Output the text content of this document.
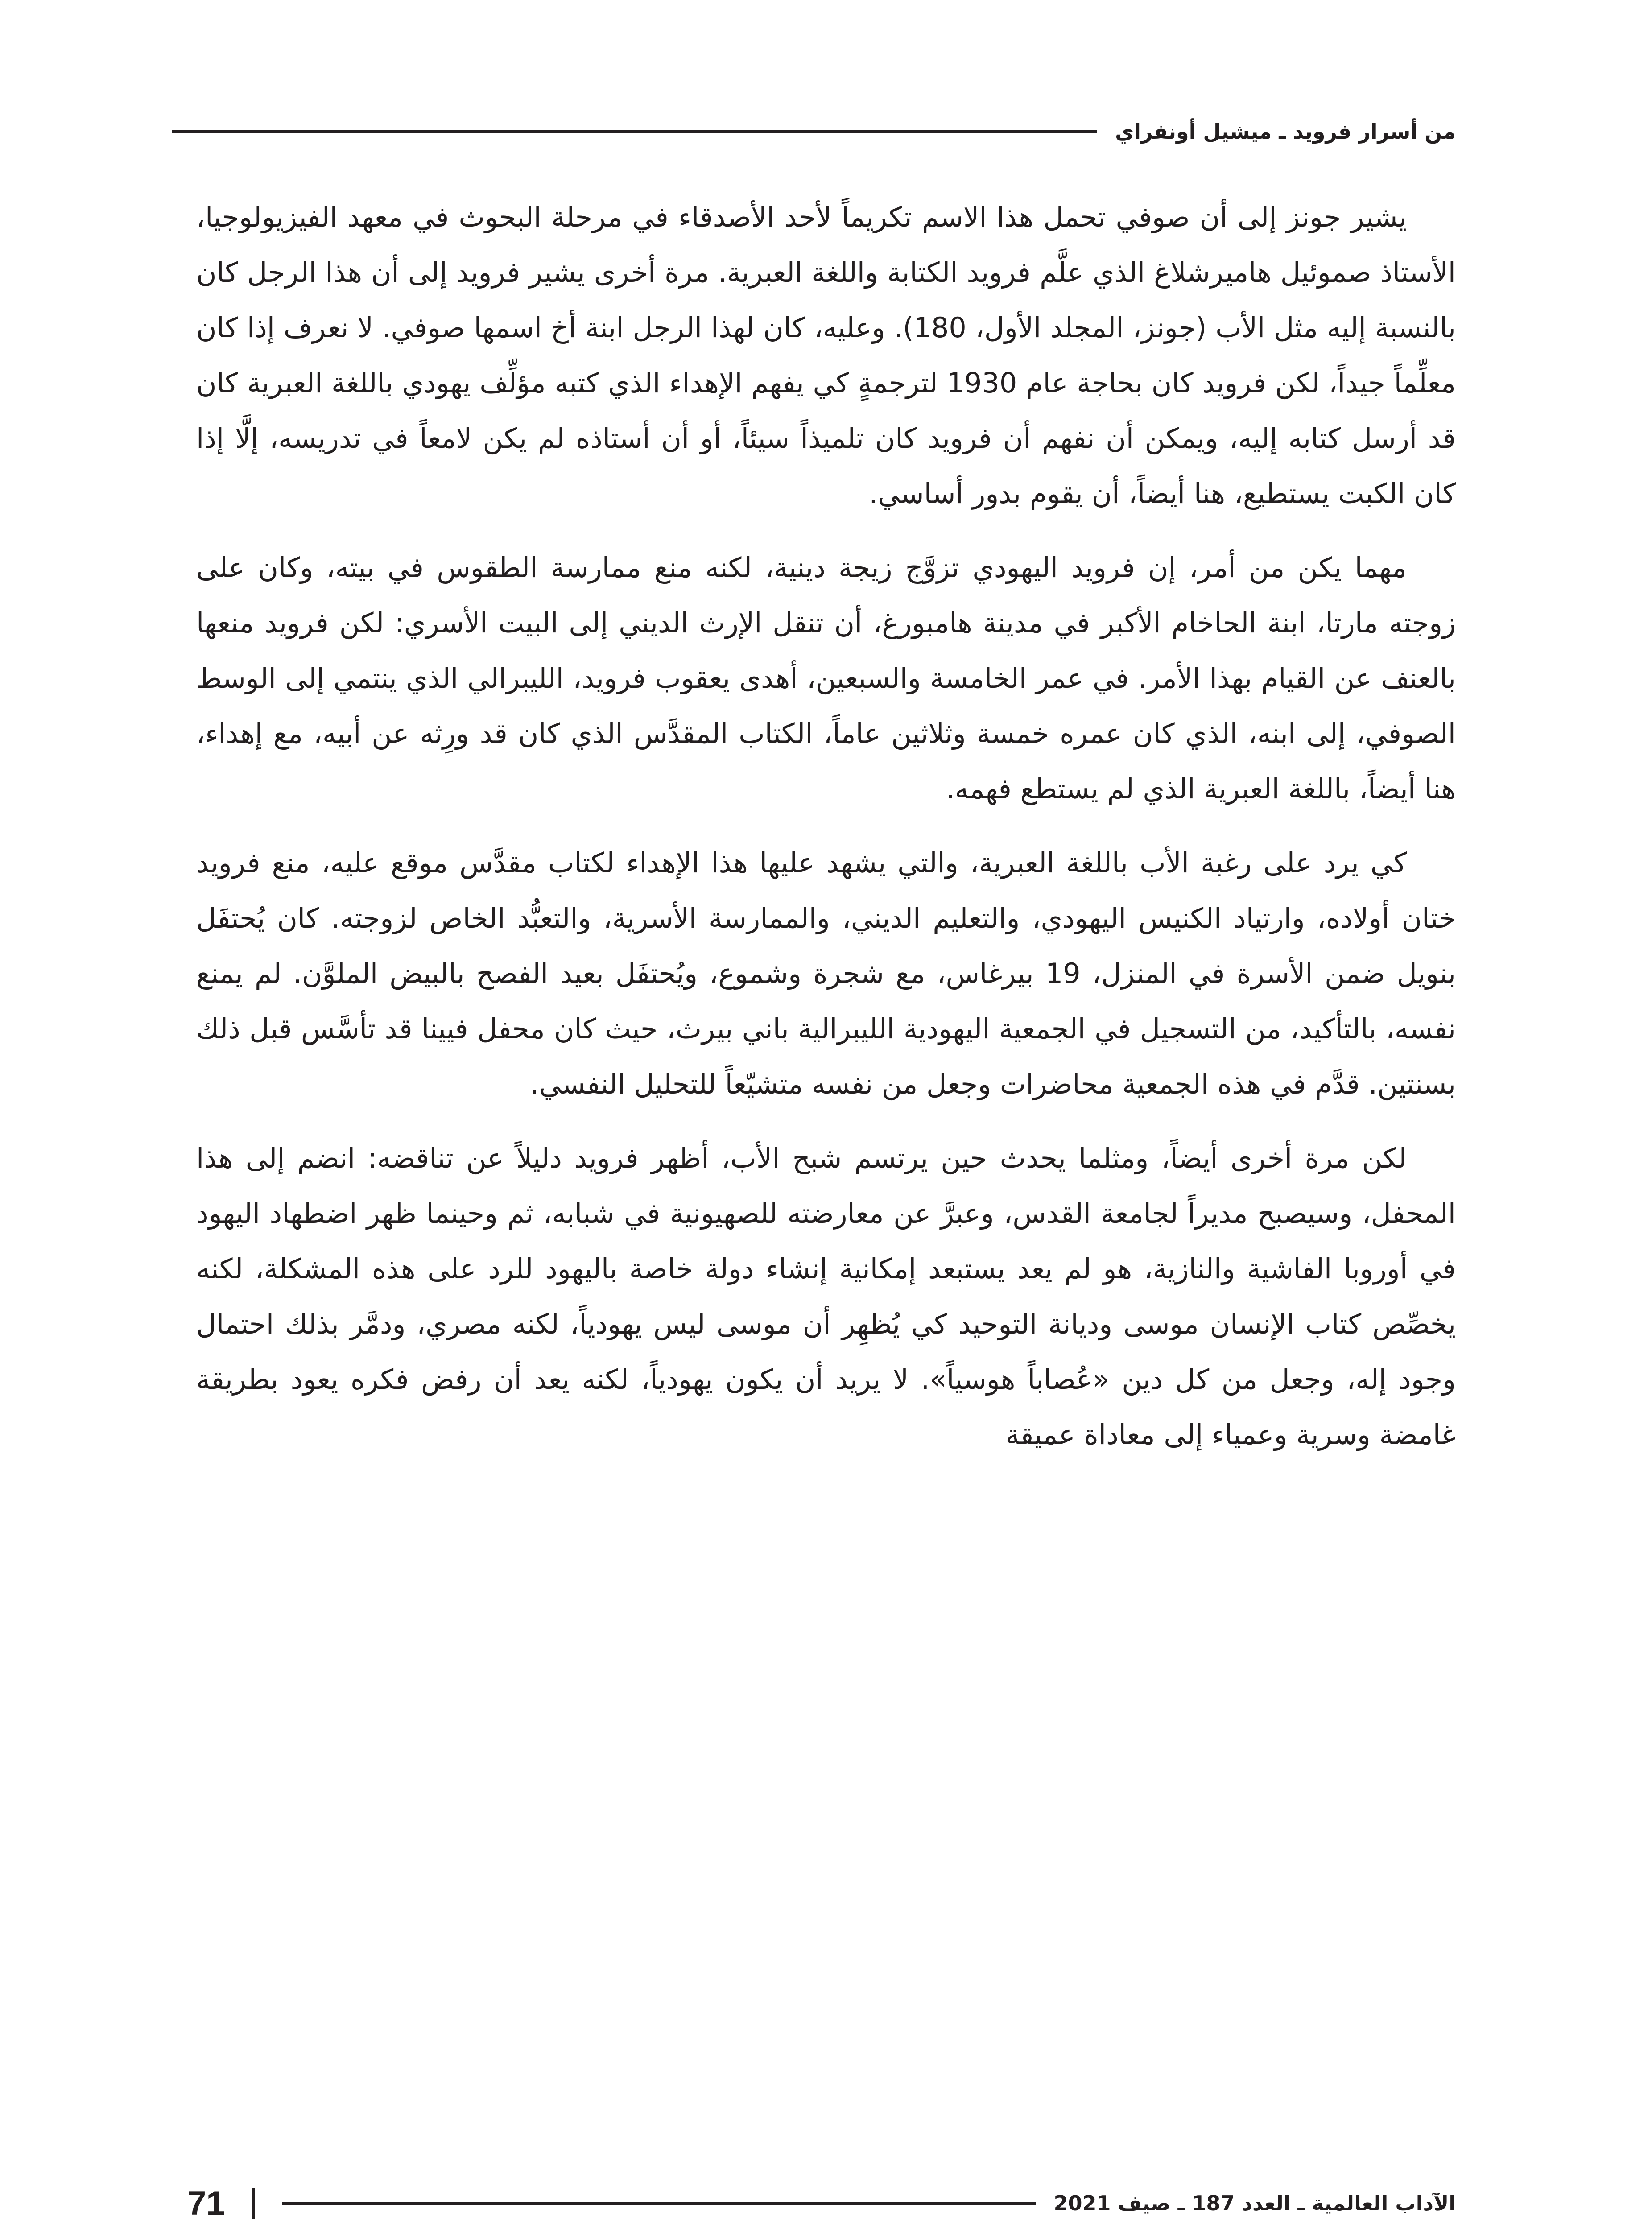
من أسرار فرويد ـ ميشيل أونفراي

يشير جونز إلى أن صوفي تحمل هذا الاسم تكريماً لأحد الأصدقاء في مرحلة البحوث في معهد الفيزيولوجيا، الأستاذ صموئيل هاميرشلاغ الذي علَّم فرويد الكتابة واللغة العبرية. مرة أخرى يشير فرويد إلى أن هذا الرجل كان بالنسبة إليه مثل الأب (جونز، المجلد الأول، 180). وعليه، كان لهذا الرجل ابنة أخ اسمها صوفي. لا نعرف إذا كان معلِّماً جيداً، لكن فرويد كان بحاجة عام 1930 لترجمةٍ كي يفهم الإهداء الذي كتبه مؤلِّف يهودي باللغة العبرية كان قد أرسل كتابه إليه، ويمكن أن نفهم أن فرويد كان تلميذاً سيئاً، أو أن أستاذه لم يكن لامعاً في تدريسه، إلَّا إذا كان الكبت يستطيع، هنا أيضاً، أن يقوم بدور أساسي.

مهما يكن من أمر، إن فرويد اليهودي تزوَّج زيجة دينية، لكنه منع ممارسة الطقوس في بيته، وكان على زوجته مارتا، ابنة الحاخام الأكبر في مدينة هامبورغ، أن تنقل الإرث الديني إلى البيت الأسري: لكن فرويد منعها بالعنف عن القيام بهذا الأمر. في عمر الخامسة والسبعين، أهدى يعقوب فرويد، الليبرالي الذي ينتمي إلى الوسط الصوفي، إلى ابنه، الذي كان عمره خمسة وثلاثين عاماً، الكتاب المقدَّس الذي كان قد ورِثه عن أبيه، مع إهداء، هنا أيضاً، باللغة العبرية الذي لم يستطع فهمه.

كي يرد على رغبة الأب باللغة العبرية، والتي يشهد عليها هذا الإهداء لكتاب مقدَّس موقع عليه، منع فرويد ختان أولاده، وارتياد الكنيس اليهودي، والتعليم الديني، والممارسة الأسرية، والتعبُّد الخاص لزوجته. كان يُحتفَل بنويل ضمن الأسرة في المنزل، 19 بيرغاس، مع شجرة وشموع، ويُحتفَل بعيد الفصح بالبيض الملوَّن. لم يمنع نفسه، بالتأكيد، من التسجيل في الجمعية اليهودية الليبرالية باني بيرث، حيث كان محفل فيينا قد تأسَّس قبل ذلك بسنتين. قدَّم في هذه الجمعية محاضرات وجعل من نفسه متشيّعاً للتحليل النفسي.

لكن مرة أخرى أيضاً، ومثلما يحدث حين يرتسم شبح الأب، أظهر فرويد دليلاً عن تناقضه: انضم إلى هذا المحفل، وسيصبح مديراً لجامعة القدس، وعبرَّ عن معارضته للصهيونية في شبابه، ثم وحينما ظهر اضطهاد اليهود في أوروبا الفاشية والنازية، هو لم يعد يستبعد إمكانية إنشاء دولة خاصة باليهود للرد على هذه المشكلة، لكنه يخصِّص كتاب الإنسان موسى وديانة التوحيد كي يُظهِر أن موسى ليس يهودياً، لكنه مصري، ودمَّر بذلك احتمال وجود إله، وجعل من كل دين «عُصاباً هوسياً». لا يريد أن يكون يهودياً، لكنه يعد أن رفض فكره يعود بطريقة غامضة وسرية وعمياء إلى معاداة عميقة

الآداب العالمية ـ العدد 187 ـ صيف 2021
71
